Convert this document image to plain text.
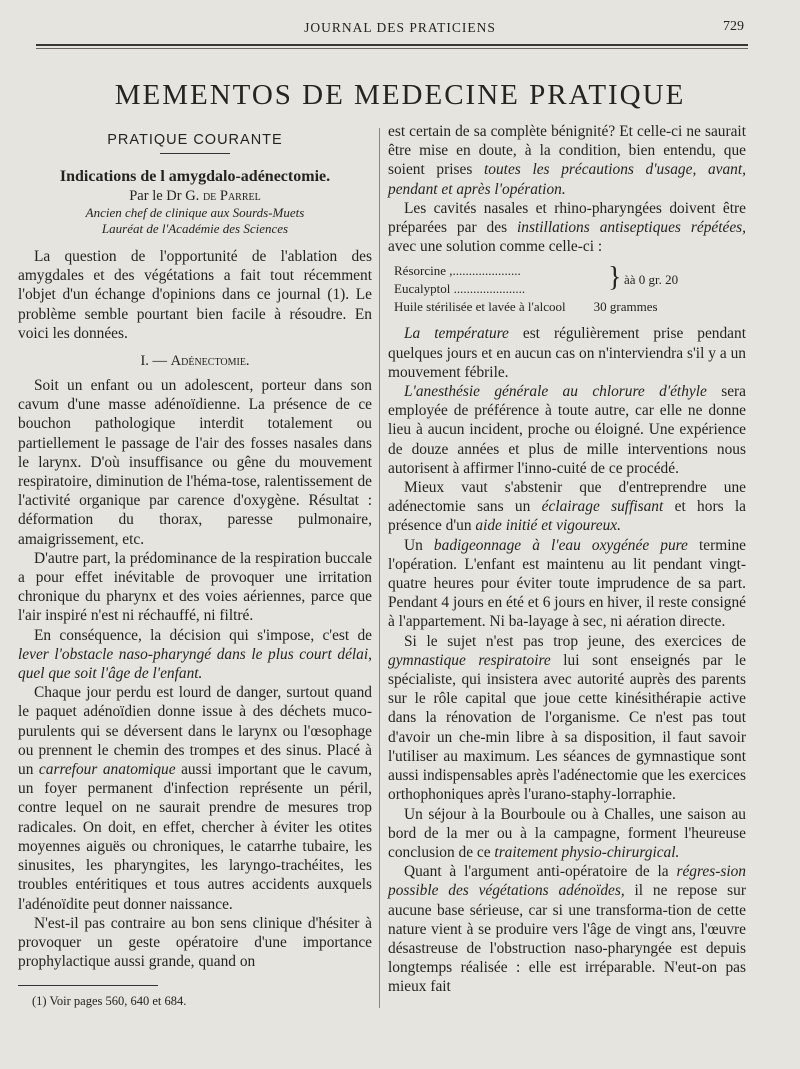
JOURNAL DES PRATICIENS	729
MEMENTOS DE MEDECINE PRATIQUE
PRATIQUE COURANTE

Indications de l amygdalo-adénectomie.

Par le Dr G. de Parrel

Ancien chef de clinique aux Sourds-Muets

Lauréat de l'Académie des Sciences

La question de l'opportunité de l'ablation des amygdales et des végétations a fait tout récemment l'objet d'un échange d'opinions dans ce journal (1). Le problème semble pourtant bien facile à résoudre. En voici les données.

I. — Adénectomie.

Soit un enfant ou un adolescent, porteur dans son cavum d'une masse adénoïdienne. La présence de ce bouchon pathologique interdit totalement ou partiellement le passage de l'air des fosses nasales dans le larynx. D'où insuffisance ou gêne du mouvement respiratoire, diminution de l'héma-tose, ralentissement de l'activité organique par carence d'oxygène. Résultat : déformation du thorax, paresse pulmonaire, amaigrissement, etc.

D'autre part, la prédominance de la respiration buccale a pour effet inévitable de provoquer une irritation chronique du pharynx et des voies aériennes, parce que l'air inspiré n'est ni réchauffé, ni filtré.

En conséquence, la décision qui s'impose, c'est de lever l'obstacle naso-pharyngé dans le plus court délai, quel que soit l'âge de l'enfant.

Chaque jour perdu est lourd de danger, surtout quand le paquet adénoïdien donne issue à des déchets muco-purulents qui se déversent dans le larynx ou l'œsophage ou prennent le chemin des trompes et des sinus. Placé à un carrefour anatomique aussi important que le cavum, un foyer permanent d'infection représente un péril, contre lequel on ne saurait prendre de mesures trop radicales. On doit, en effet, chercher à éviter les otites moyennes aiguës ou chroniques, le catarrhe tubaire, les sinusites, les pharyngites, les laryngo-trachéites, les troubles entéritiques et tous autres accidents auxquels l'adénoïdite peut donner naissance.

N'est-il pas contraire au bon sens clinique d'hésiter à provoquer un geste opératoire d'une importance prophylactique aussi grande, quand on

(1) Voir pages 560, 640 et 684.

est certain de sa complète bénignité? Et celle-ci ne saurait être mise en doute, à la condition, bien entendu, que soient prises toutes les précautions d'usage, avant, pendant et après l'opération.

Les cavités nasales et rhino-pharyngées doivent être préparées par des instillations antiseptiques répétées, avec une solution comme celle-ci :

Résorcine ,.....................
Eucalyptol ......................	} àà 0 gr. 20
Huile stérilisée et lavée à l'alcool 30 grammes

La température est régulièrement prise pendant quelques jours et en aucun cas on n'interviendra s'il y a un mouvement fébrile.

L'anesthésie générale au chlorure d'éthyle sera employée de préférence à toute autre, car elle ne donne lieu à aucun incident, proche ou éloigné. Une expérience de douze années et plus de mille interventions nous autorisent à affirmer l'inno-cuité de ce procédé.

Mieux vaut s'abstenir que d'entreprendre une adénectomie sans un éclairage suffisant et hors la présence d'un aide initié et vigoureux.

Un badigeonnage à l'eau oxygénée pure termine l'opération. L'enfant est maintenu au lit pendant vingt-quatre heures pour éviter toute imprudence de sa part. Pendant 4 jours en été et 6 jours en hiver, il reste consigné à l'appartement. Ni ba-layage à sec, ni aération directe.

Si le sujet n'est pas trop jeune, des exercices de gymnastique respiratoire lui sont enseignés par le spécialiste, qui insistera avec autorité auprès des parents sur le rôle capital que joue cette kinésithérapie active dans la rénovation de l'organisme. Ce n'est pas tout d'avoir un che-min libre à sa disposition, il faut savoir l'utiliser au maximum. Les séances de gymnastique sont aussi indispensables après l'adénectomie que les exercices orthophoniques après l'urano-staphy-lorraphie.

Un séjour à la Bourboule ou à Challes, une saison au bord de la mer ou à la campagne, forment l'heureuse conclusion de ce traitement physio-chirurgical.

Quant à l'argument anti-opératoire de la régres-sion possible des végétations adénoïdes, il ne repose sur aucune base sérieuse, car si une transforma-tion de cette nature vient à se produire vers l'âge de vingt ans, l'œuvre désastreuse de l'obstruction naso-pharyngée est depuis longtemps réalisée : elle est irréparable. N'eut-on pas mieux fait
